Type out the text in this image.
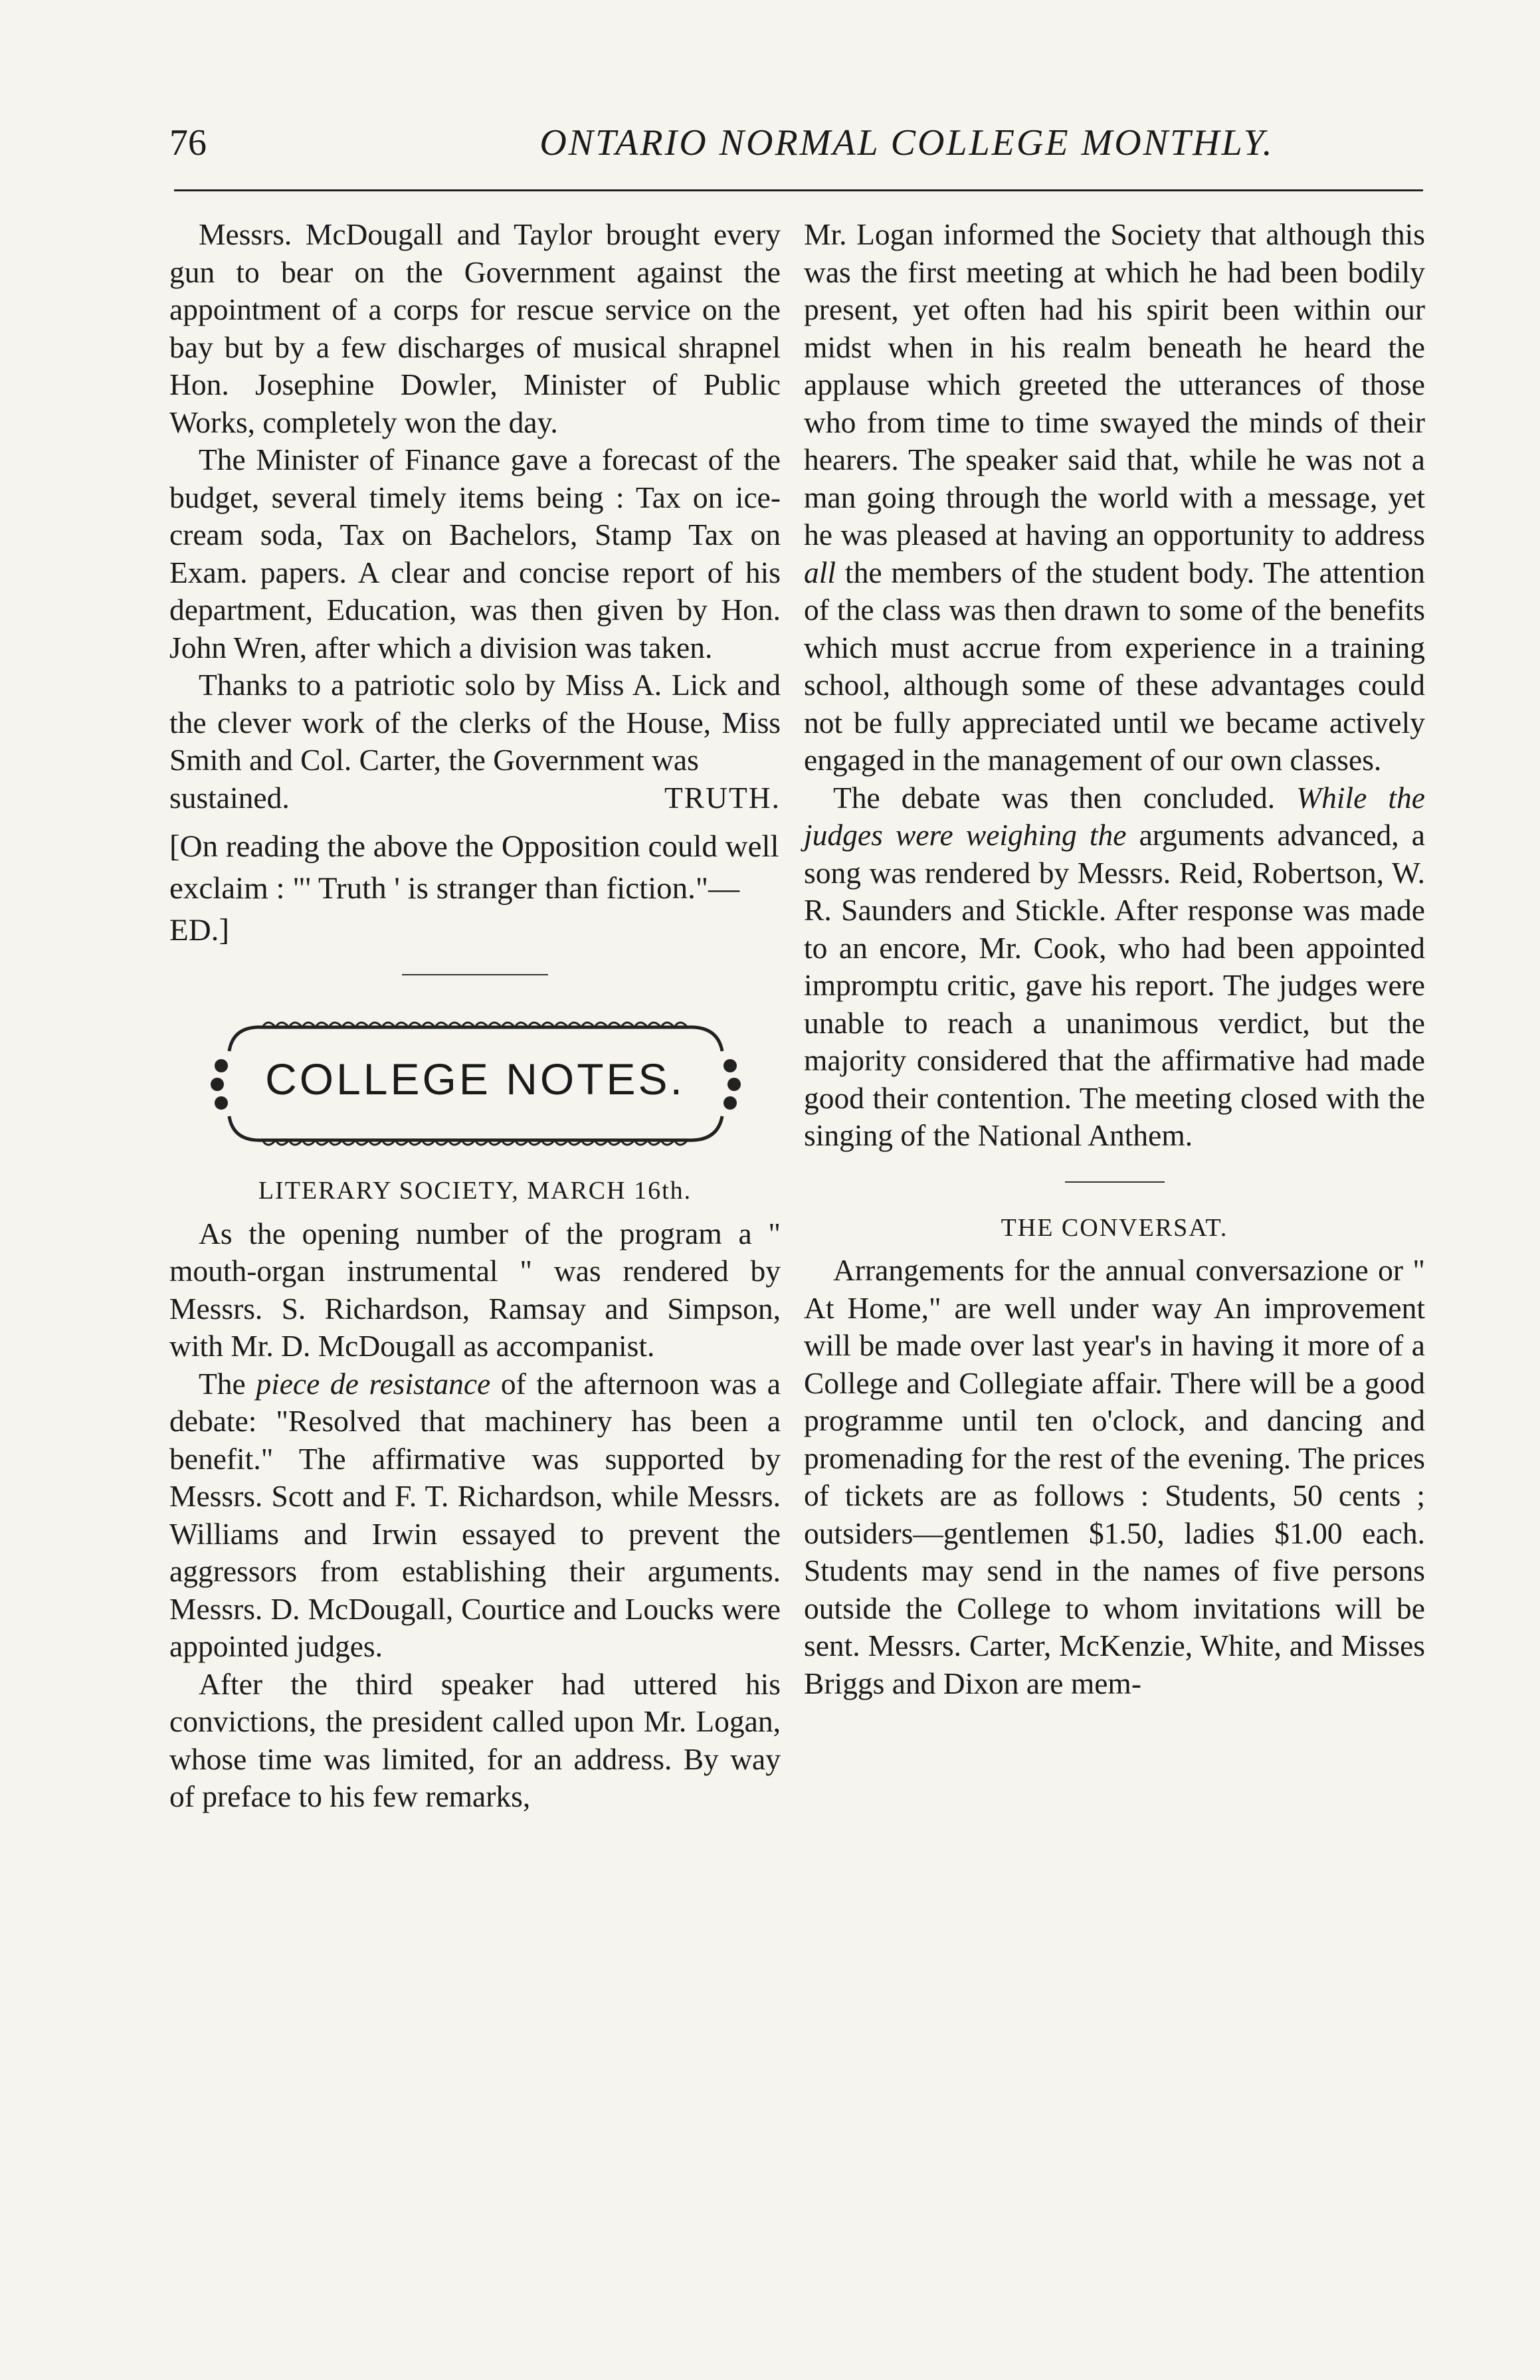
76	ONTARIO NORMAL COLLEGE MONTHLY.

Messrs. McDougall and Taylor brought every gun to bear on the Government against the appointment of a corps for rescue service on the bay but by a few discharges of musical shrapnel Hon. Josephine Dowler, Minister of Public Works, completely won the day.

The Minister of Finance gave a forecast of the budget, several timely items being : Tax on ice-cream soda, Tax on Bachelors, Stamp Tax on Exam. papers. A clear and concise report of his department, Education, was then given by Hon. John Wren, after which a division was taken.

Thanks to a patriotic solo by Miss A. Lick and the clever work of the clerks of the House, Miss Smith and Col. Carter, the Government was

sustained.	TRUTH.

[On reading the above the Opposition could well exclaim : "' Truth ' is stranger than fiction."—ED.]

COLLEGE NOTES.

LITERARY SOCIETY, MARCH 16th.

As the opening number of the program a " mouth-organ instrumental " was rendered by Messrs. S. Richardson, Ramsay and Simpson, with Mr. D. McDougall as accompanist.

The piece de resistance of the afternoon was a debate: "Resolved that machinery has been a benefit." The affirmative was supported by Messrs. Scott and F. T. Richardson, while Messrs. Williams and Irwin essayed to prevent the aggressors from establishing their arguments. Messrs. D. McDougall, Courtice and Loucks were appointed judges.

After the third speaker had uttered his convictions, the president called upon Mr. Logan, whose time was limited, for an address. By way of preface to his few remarks,

Mr. Logan informed the Society that although this was the first meeting at which he had been bodily present, yet often had his spirit been within our midst when in his realm beneath he heard the applause which greeted the utterances of those who from time to time swayed the minds of their hearers. The speaker said that, while he was not a man going through the world with a message, yet he was pleased at having an opportunity to address all the members of the student body. The attention of the class was then drawn to some of the benefits which must accrue from experience in a training school, although some of these advantages could not be fully appreciated until we became actively engaged in the management of our own classes.

The debate was then concluded. While the judges were weighing the arguments advanced, a song was rendered by Messrs. Reid, Robertson, W. R. Saunders and Stickle. After response was made to an encore, Mr. Cook, who had been appointed impromptu critic, gave his report. The judges were unable to reach a unanimous verdict, but the majority considered that the affirmative had made good their contention. The meeting closed with the singing of the National Anthem.

THE CONVERSAT.

Arrangements for the annual conversazione or " At Home," are well under way An improvement will be made over last year's in having it more of a College and Collegiate affair. There will be a good programme until ten o'clock, and dancing and promenading for the rest of the evening. The prices of tickets are as follows : Students, 50 cents ; outsiders—gentlemen $1.50, ladies $1.00 each. Students may send in the names of five persons outside the College to whom invitations will be sent. Messrs. Carter, McKenzie, White, and Misses Briggs and Dixon are mem-
